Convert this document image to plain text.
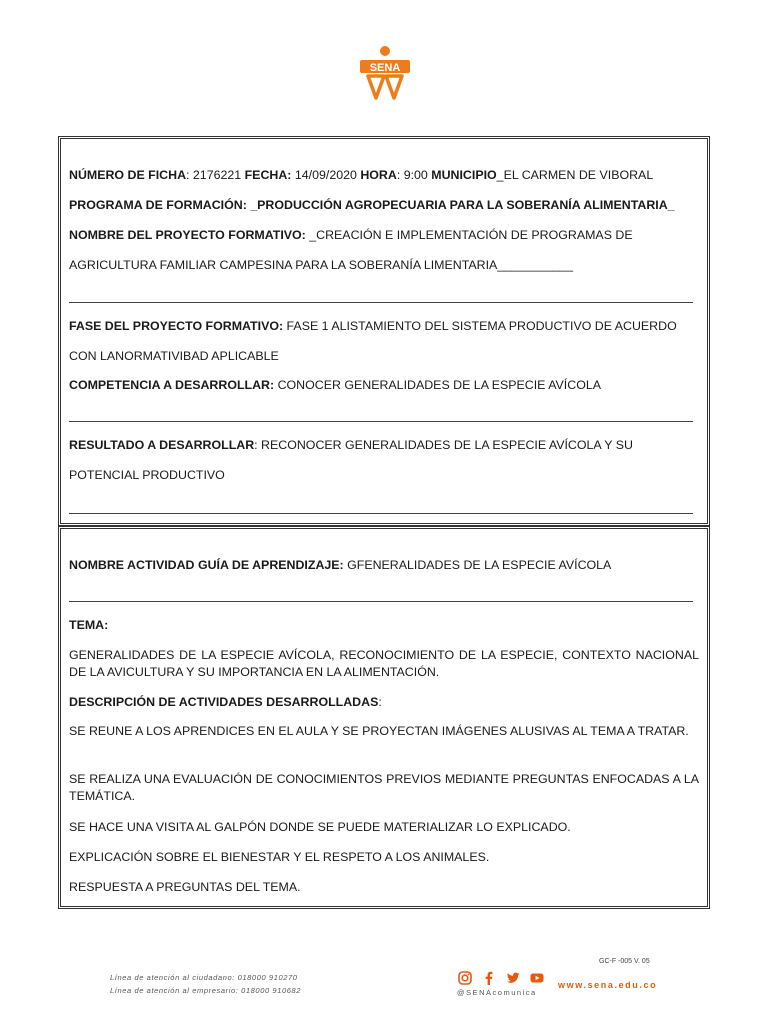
SENA
NÚMERO DE FICHA: 2176221 FECHA: 14/09/2020 HORA: 9:00 MUNICIPIO_EL CARMEN DE VIBORAL
PROGRAMA DE FORMACIÓN: _PRODUCCIÓN AGROPECUARIA PARA LA SOBERANÍA ALIMENTARIA_
NOMBRE DEL PROYECTO FORMATIVO: _CREACIÓN E IMPLEMENTACIÓN DE PROGRAMAS DE
AGRICULTURA FAMILIAR CAMPESINA PARA LA SOBERANÍA LIMENTARIA___________
FASE DEL PROYECTO FORMATIVO: FASE 1 ALISTAMIENTO DEL SISTEMA PRODUCTIVO DE ACUERDO
CON LANORMATIVIBAD APLICABLE
COMPETENCIA A DESARROLLAR: CONOCER GENERALIDADES DE LA ESPECIE AVÍCOLA
RESULTADO A DESARROLLAR: RECONOCER GENERALIDADES DE LA ESPECIE AVÍCOLA Y SU
POTENCIAL PRODUCTIVO
NOMBRE ACTIVIDAD GUÍA DE APRENDIZAJE: GFENERALIDADES DE LA ESPECIE AVÍCOLA
TEMA:
GENERALIDADES DE LA ESPECIE AVÍCOLA, RECONOCIMIENTO DE LA ESPECIE, CONTEXTO NACIONAL DE LA AVICULTURA Y SU IMPORTANCIA EN LA ALIMENTACIÓN.
DESCRIPCIÓN DE ACTIVIDADES DESARROLLADAS:
SE REUNE A LOS APRENDICES EN EL AULA Y SE PROYECTAN IMÁGENES ALUSIVAS AL TEMA A TRATAR.
SE REALIZA UNA EVALUACIÓN DE CONOCIMIENTOS PREVIOS MEDIANTE PREGUNTAS ENFOCADAS A LA TEMÁTICA.
SE HACE UNA VISITA AL GALPÓN DONDE SE PUEDE MATERIALIZAR LO EXPLICADO.
EXPLICACIÓN SOBRE EL BIENESTAR Y EL RESPETO A LOS ANIMALES.
RESPUESTA A PREGUNTAS DEL TEMA.
GC-F -005 V. 05
Línea de atención al ciudadano: 018000 910270
Línea de atención al empresario: 018000 910682	@SENAcomunica
www.sena.edu.co
